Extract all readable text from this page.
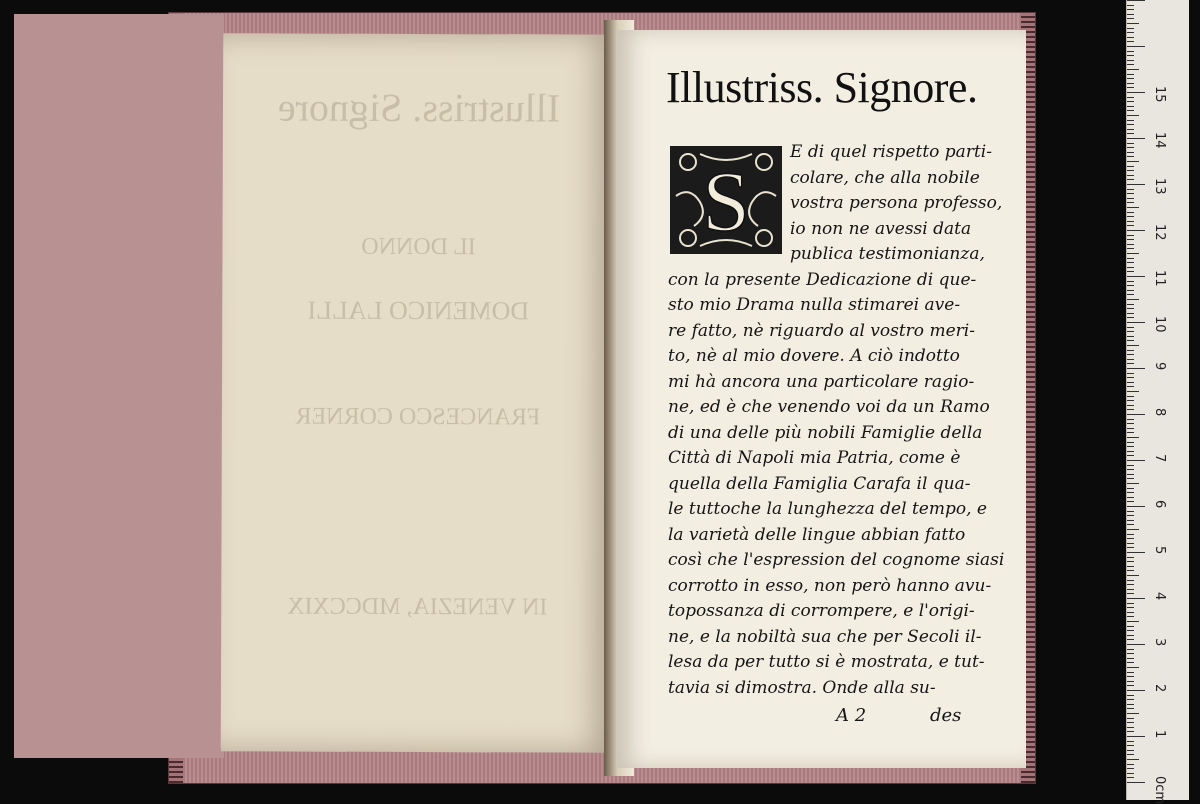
Illustriss. Signore
IL DONNO
DOMENICO LALLI
FRANCESCO CORNER
IN VENEZIA, MDCCXIX
Illustriss. Signore.
S
E di quel rispetto parti-
colare, che alla nobile
vostra persona professo,
io non ne avessi data
publica testimonianza,
con la presente Dedicazione di que-
sto mio Drama nulla stimarei ave-
re fatto, nè riguardo al vostro meri-
to, nè al mio dovere. A ciò indotto
mi hà ancora una particolare ragio-
ne, ed è che venendo voi da un Ramo
di una delle più nobili Famiglie della
Città di Napoli mia Patria, come è
quella della Famiglia Carafa il qua-
le tuttoche la lunghezza del tempo, e
la varietà delle lingue abbian fatto
così che l'espression del cognome siasi
corrotto in esso, non però hanno avu-
topossanza di corrompere, e l'origi-
ne, e la nobiltà sua che per Secoli il-
lesa da per tutto si è mostrata, e tut-
tavia si dimostra. Onde alla su-
A 2	des
0cm
1
2
3
4
5
6
7
8
9
10
11
12
13
14
15
